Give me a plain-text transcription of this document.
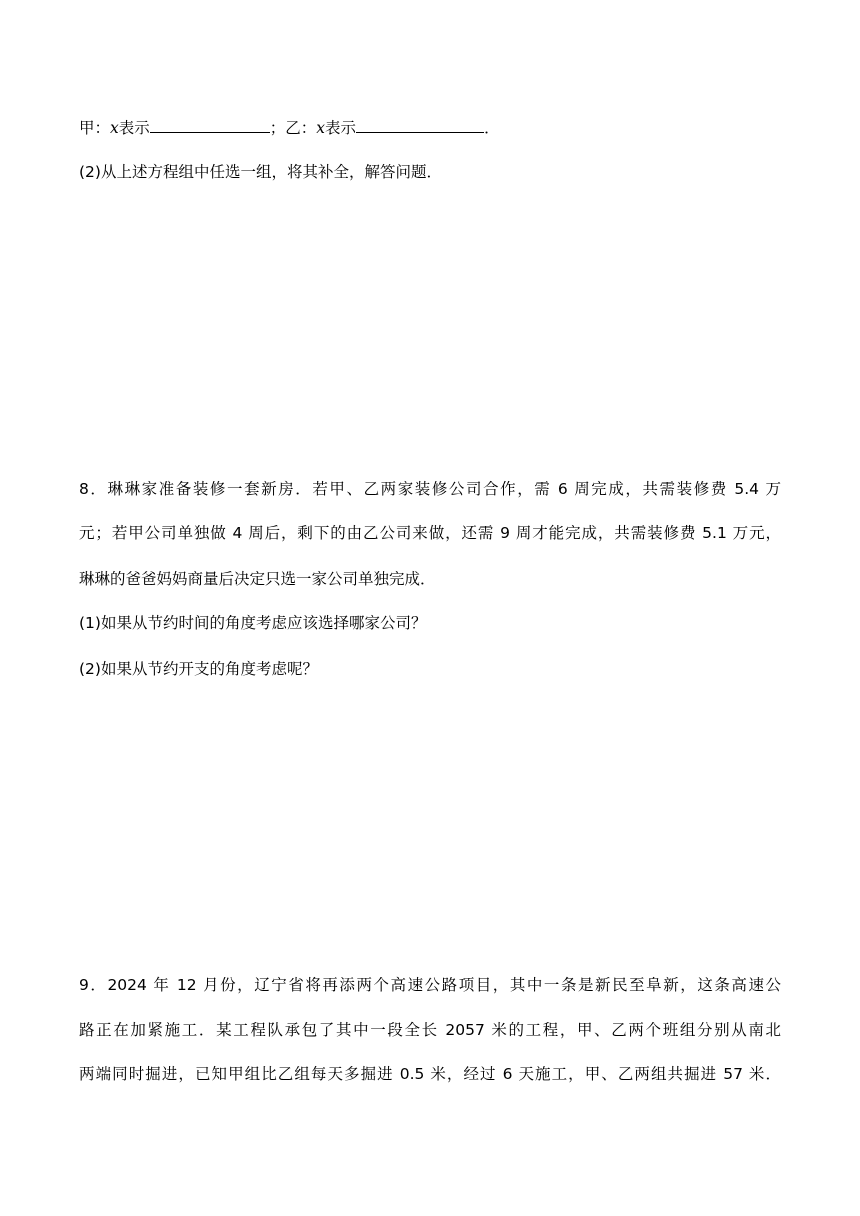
甲：x表示	；乙：x表示	．
(2)从上述方程组中任选一组，将其补全，解答问题．
8．琳琳家准备装修一套新房．若甲、乙两家装修公司合作，需 6 周完成，共需装修费 5.4 万
元；若甲公司单独做 4 周后，剩下的由乙公司来做，还需 9 周才能完成，共需装修费 5.1 万元，
琳琳的爸爸妈妈商量后决定只选一家公司单独完成．
(1)如果从节约时间的角度考虑应该选择哪家公司？
(2)如果从节约开支的角度考虑呢？
9．2024 年 12 月份，辽宁省将再添两个高速公路项目，其中一条是新民至阜新，这条高速公
路正在加紧施工．某工程队承包了其中一段全长 2057 米的工程，甲、乙两个班组分别从南北
两端同时掘进，已知甲组比乙组每天多掘进 0.5 米，经过 6 天施工，甲、乙两组共掘进 57 米．
